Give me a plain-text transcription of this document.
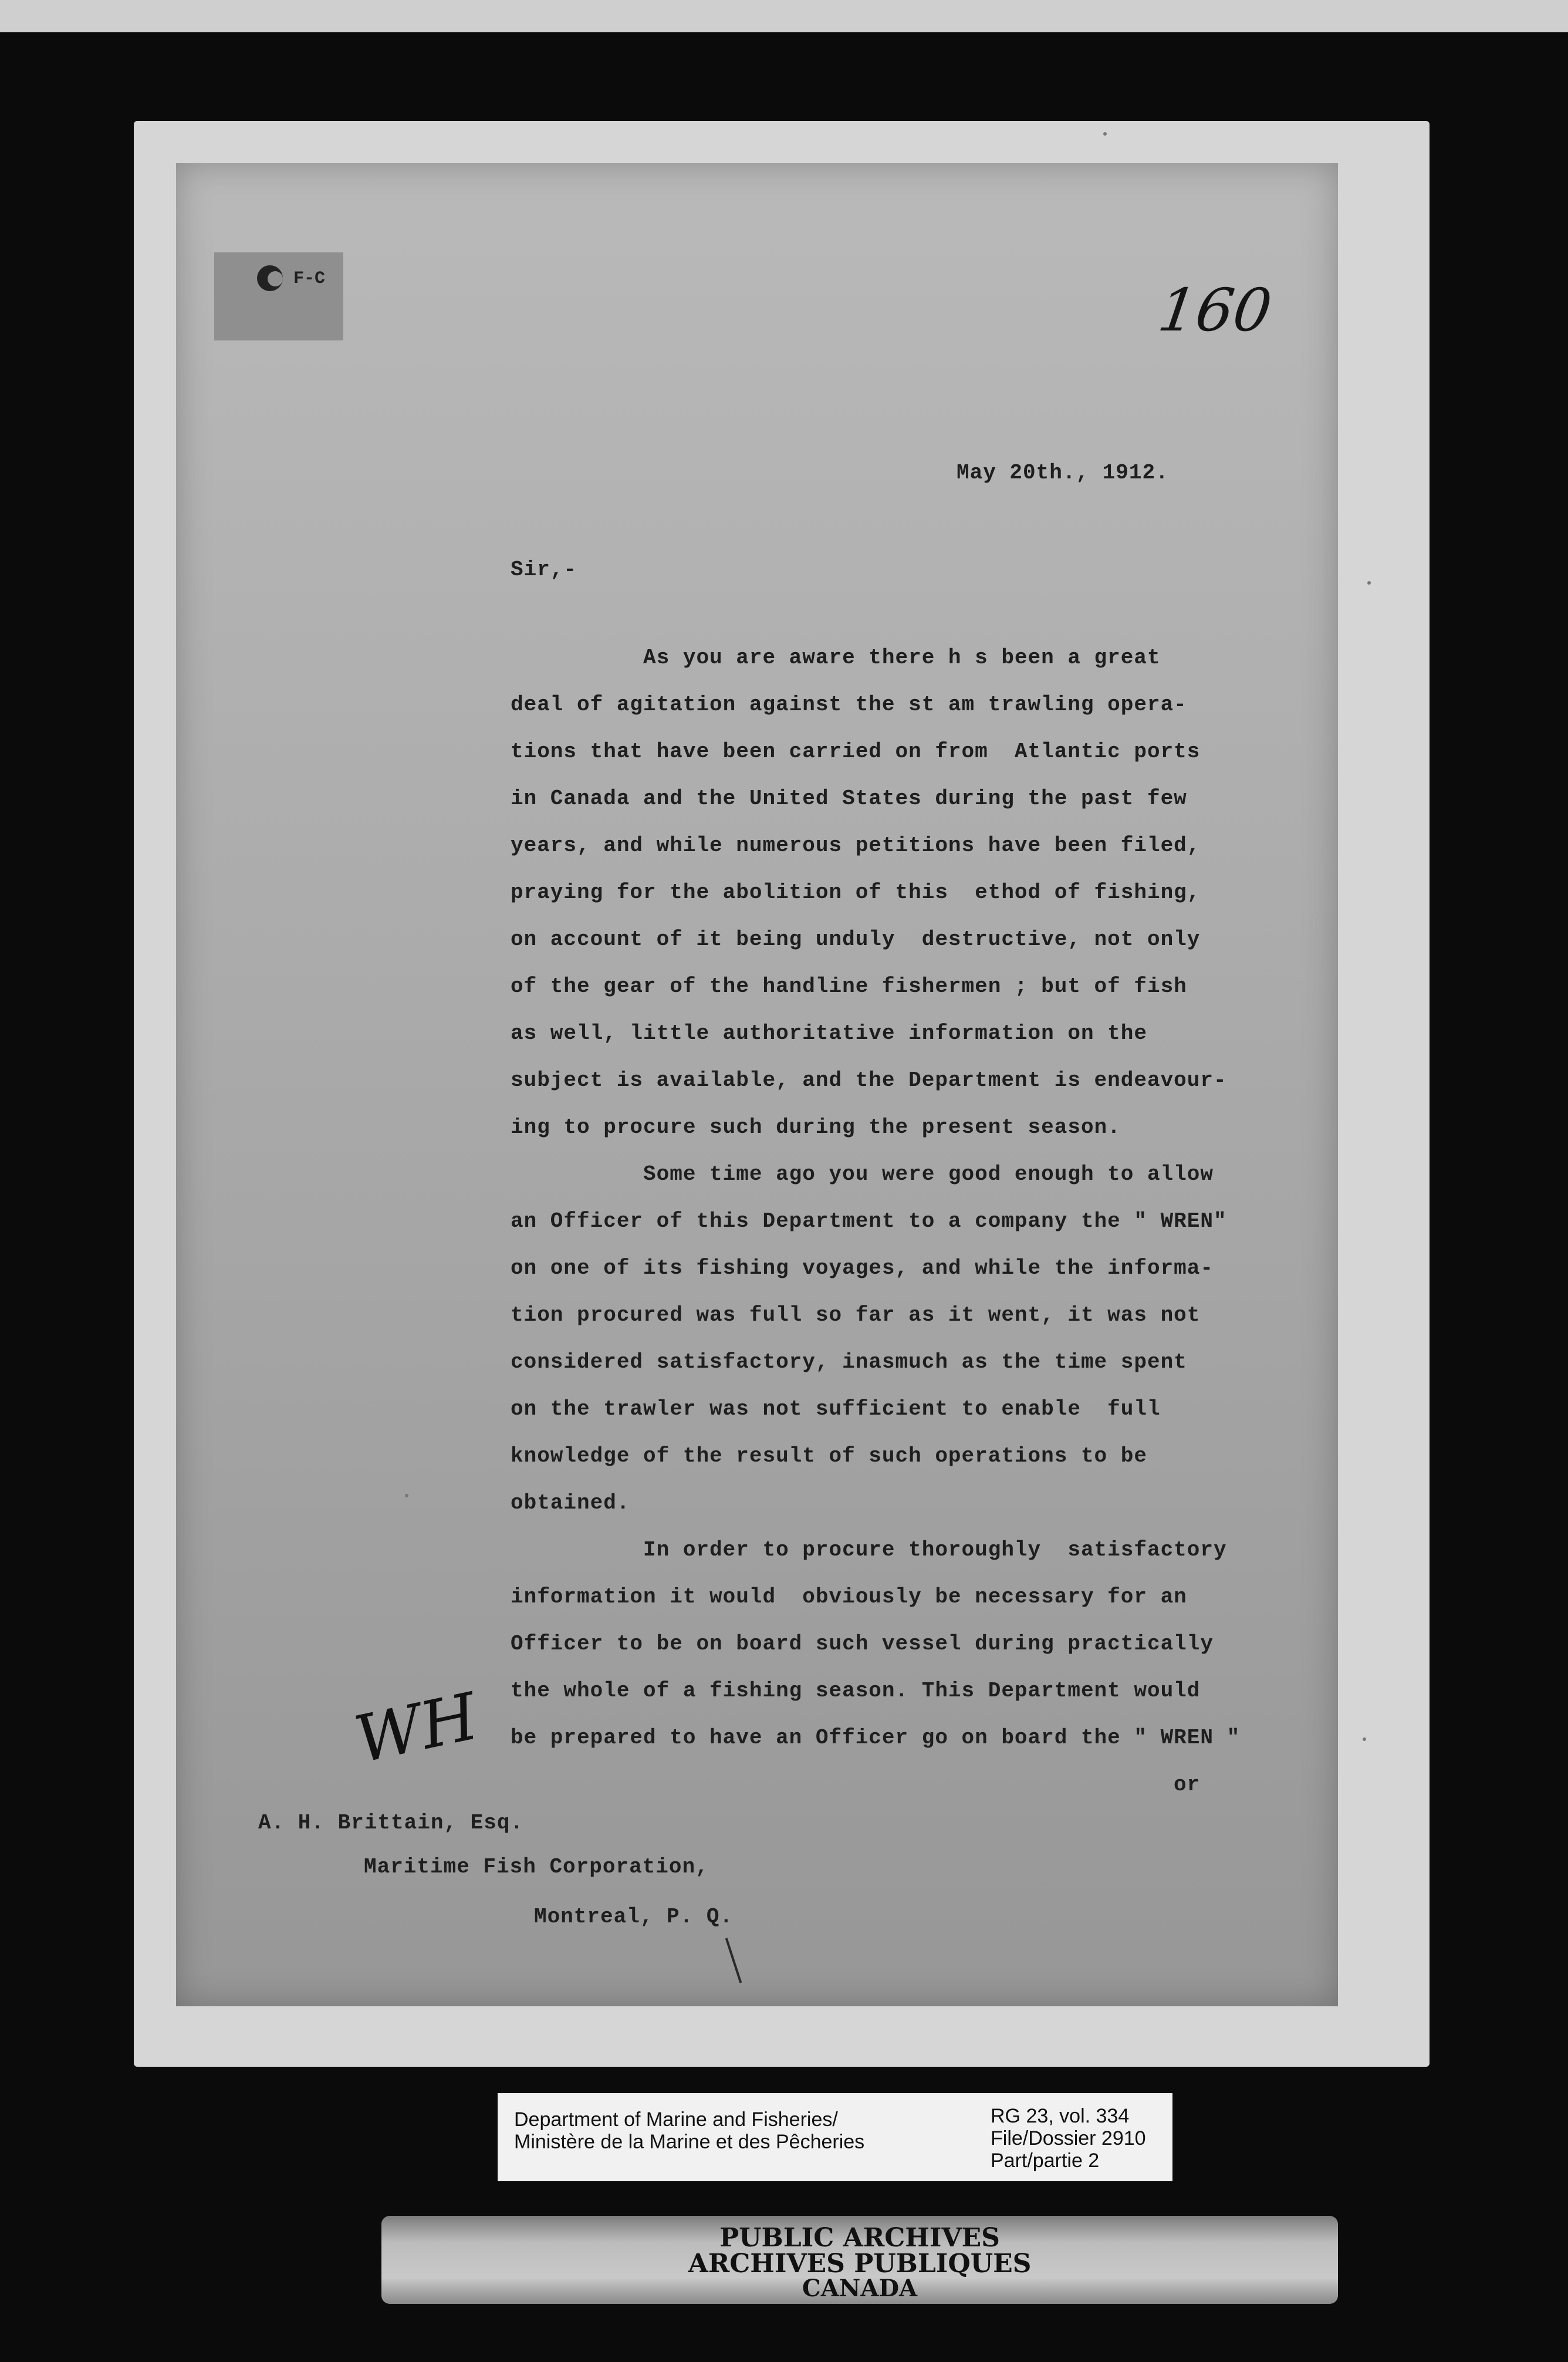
F-C	160
May 20th., 1912.
Sir,-
As you are aware there h s been a great
deal of agitation against the st am trawling opera-
tions that have been carried on from  Atlantic ports
in Canada and the United States during the past few
years, and while numerous petitions have been filed,
praying for the abolition of this  ethod of fishing,
on account of it being unduly  destructive, not only
of the gear of the handline fishermen ; but of fish
as well, little authoritative information on the
subject is available, and the Department is endeavour-
ing to procure such during the present season.
Some time ago you were good enough to allow
an Officer of this Department to a company the " WREN"
on one of its fishing voyages, and while the informa-
tion procured was full so far as it went, it was not
considered satisfactory, inasmuch as the time spent
on the trawler was not sufficient to enable  full
knowledge of the result of such operations to be
obtained.
In order to procure thoroughly  satisfactory
information it would  obviously be necessary for an
Officer to be on board such vessel during practically
the whole of a fishing season. This Department would
be prepared to have an Officer go on board the " WREN "
or
WH
A. H. Brittain, Esq.
Maritime Fish Corporation,
Montreal, P. Q.
Department of Marine and Fisheries/
Ministère de la Marine et des Pêcheries
RG 23, vol. 334
File/Dossier 2910
Part/partie 2
PUBLIC ARCHIVES
ARCHIVES PUBLIQUES
CANADA
